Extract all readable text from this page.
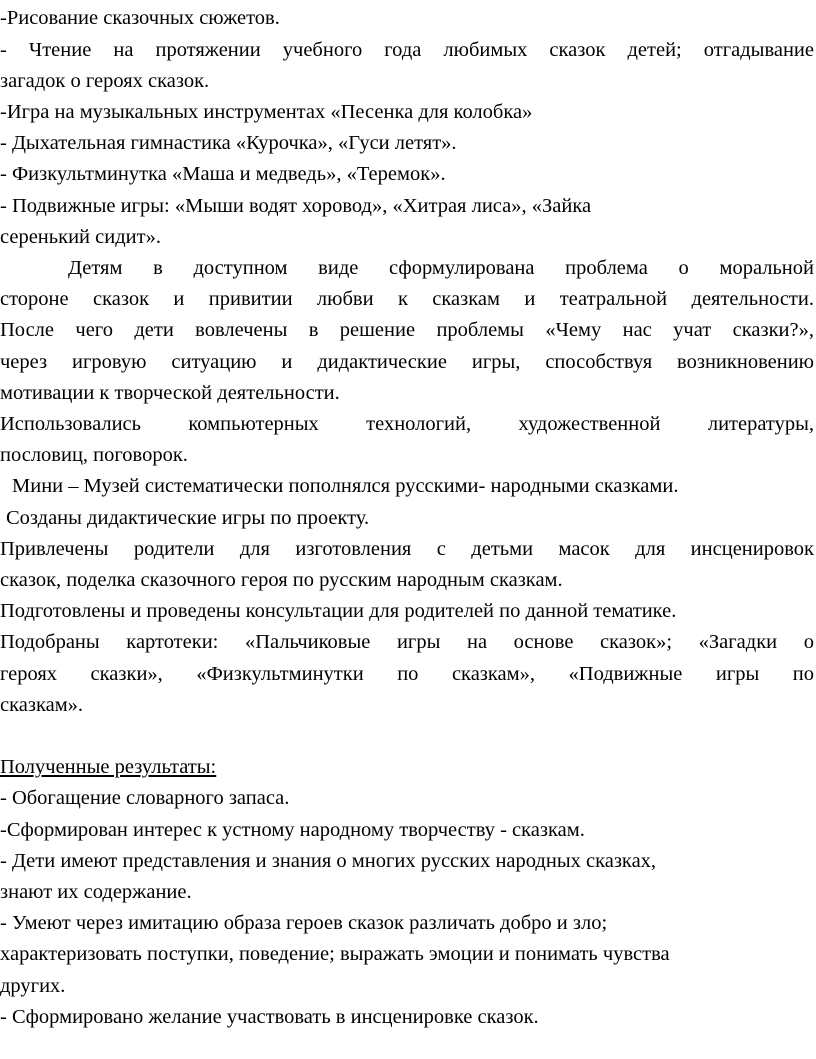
-Рисование сказочных сюжетов.
- Чтение на протяжении учебного года любимых сказок детей; отгадывание
загадок о героях сказок.
-Игра на музыкальных инструментах «Песенка для колобка»
- Дыхательная гимнастика «Курочка», «Гуси летят».
- Физкультминутка «Маша и медведь», «Теремок».
- Подвижные игры: «Мыши водят хоровод», «Хитрая лиса», «Зайка
серенький сидит».
Детям в доступном виде сформулирована проблема о моральной
стороне сказок и привитии любви к сказкам и театральной деятельности.
После чего дети вовлечены в решение проблемы «Чему нас учат сказки?»,
через игровую ситуацию и дидактические игры, способствуя возникновению
мотивации к творческой деятельности.
Использовались компьютерных технологий, художественной литературы,
пословиц, поговорок.
Мини – Музей систематически пополнялся русскими- народными сказками.
Созданы дидактические игры по проекту.
Привлечены родители для изготовления с детьми масок для инсценировок
сказок, поделка сказочного героя по русским народным сказкам.
Подготовлены и проведены консультации для родителей по данной тематике.
Подобраны картотеки: «Пальчиковые игры на основе сказок»; «Загадки о
героях сказки», «Физкультминутки по сказкам», «Подвижные игры по
сказкам».
Полученные результаты:
- Обогащение словарного запаса.
-Сформирован интерес к устному народному творчеству - сказкам.
- Дети имеют представления и знания о многих русских народных сказках,
знают их содержание.
- Умеют через имитацию образа героев сказок различать добро и зло;
характеризовать поступки, поведение; выражать эмоции и понимать чувства
других.
- Сформировано желание участвовать в инсценировке сказок.
